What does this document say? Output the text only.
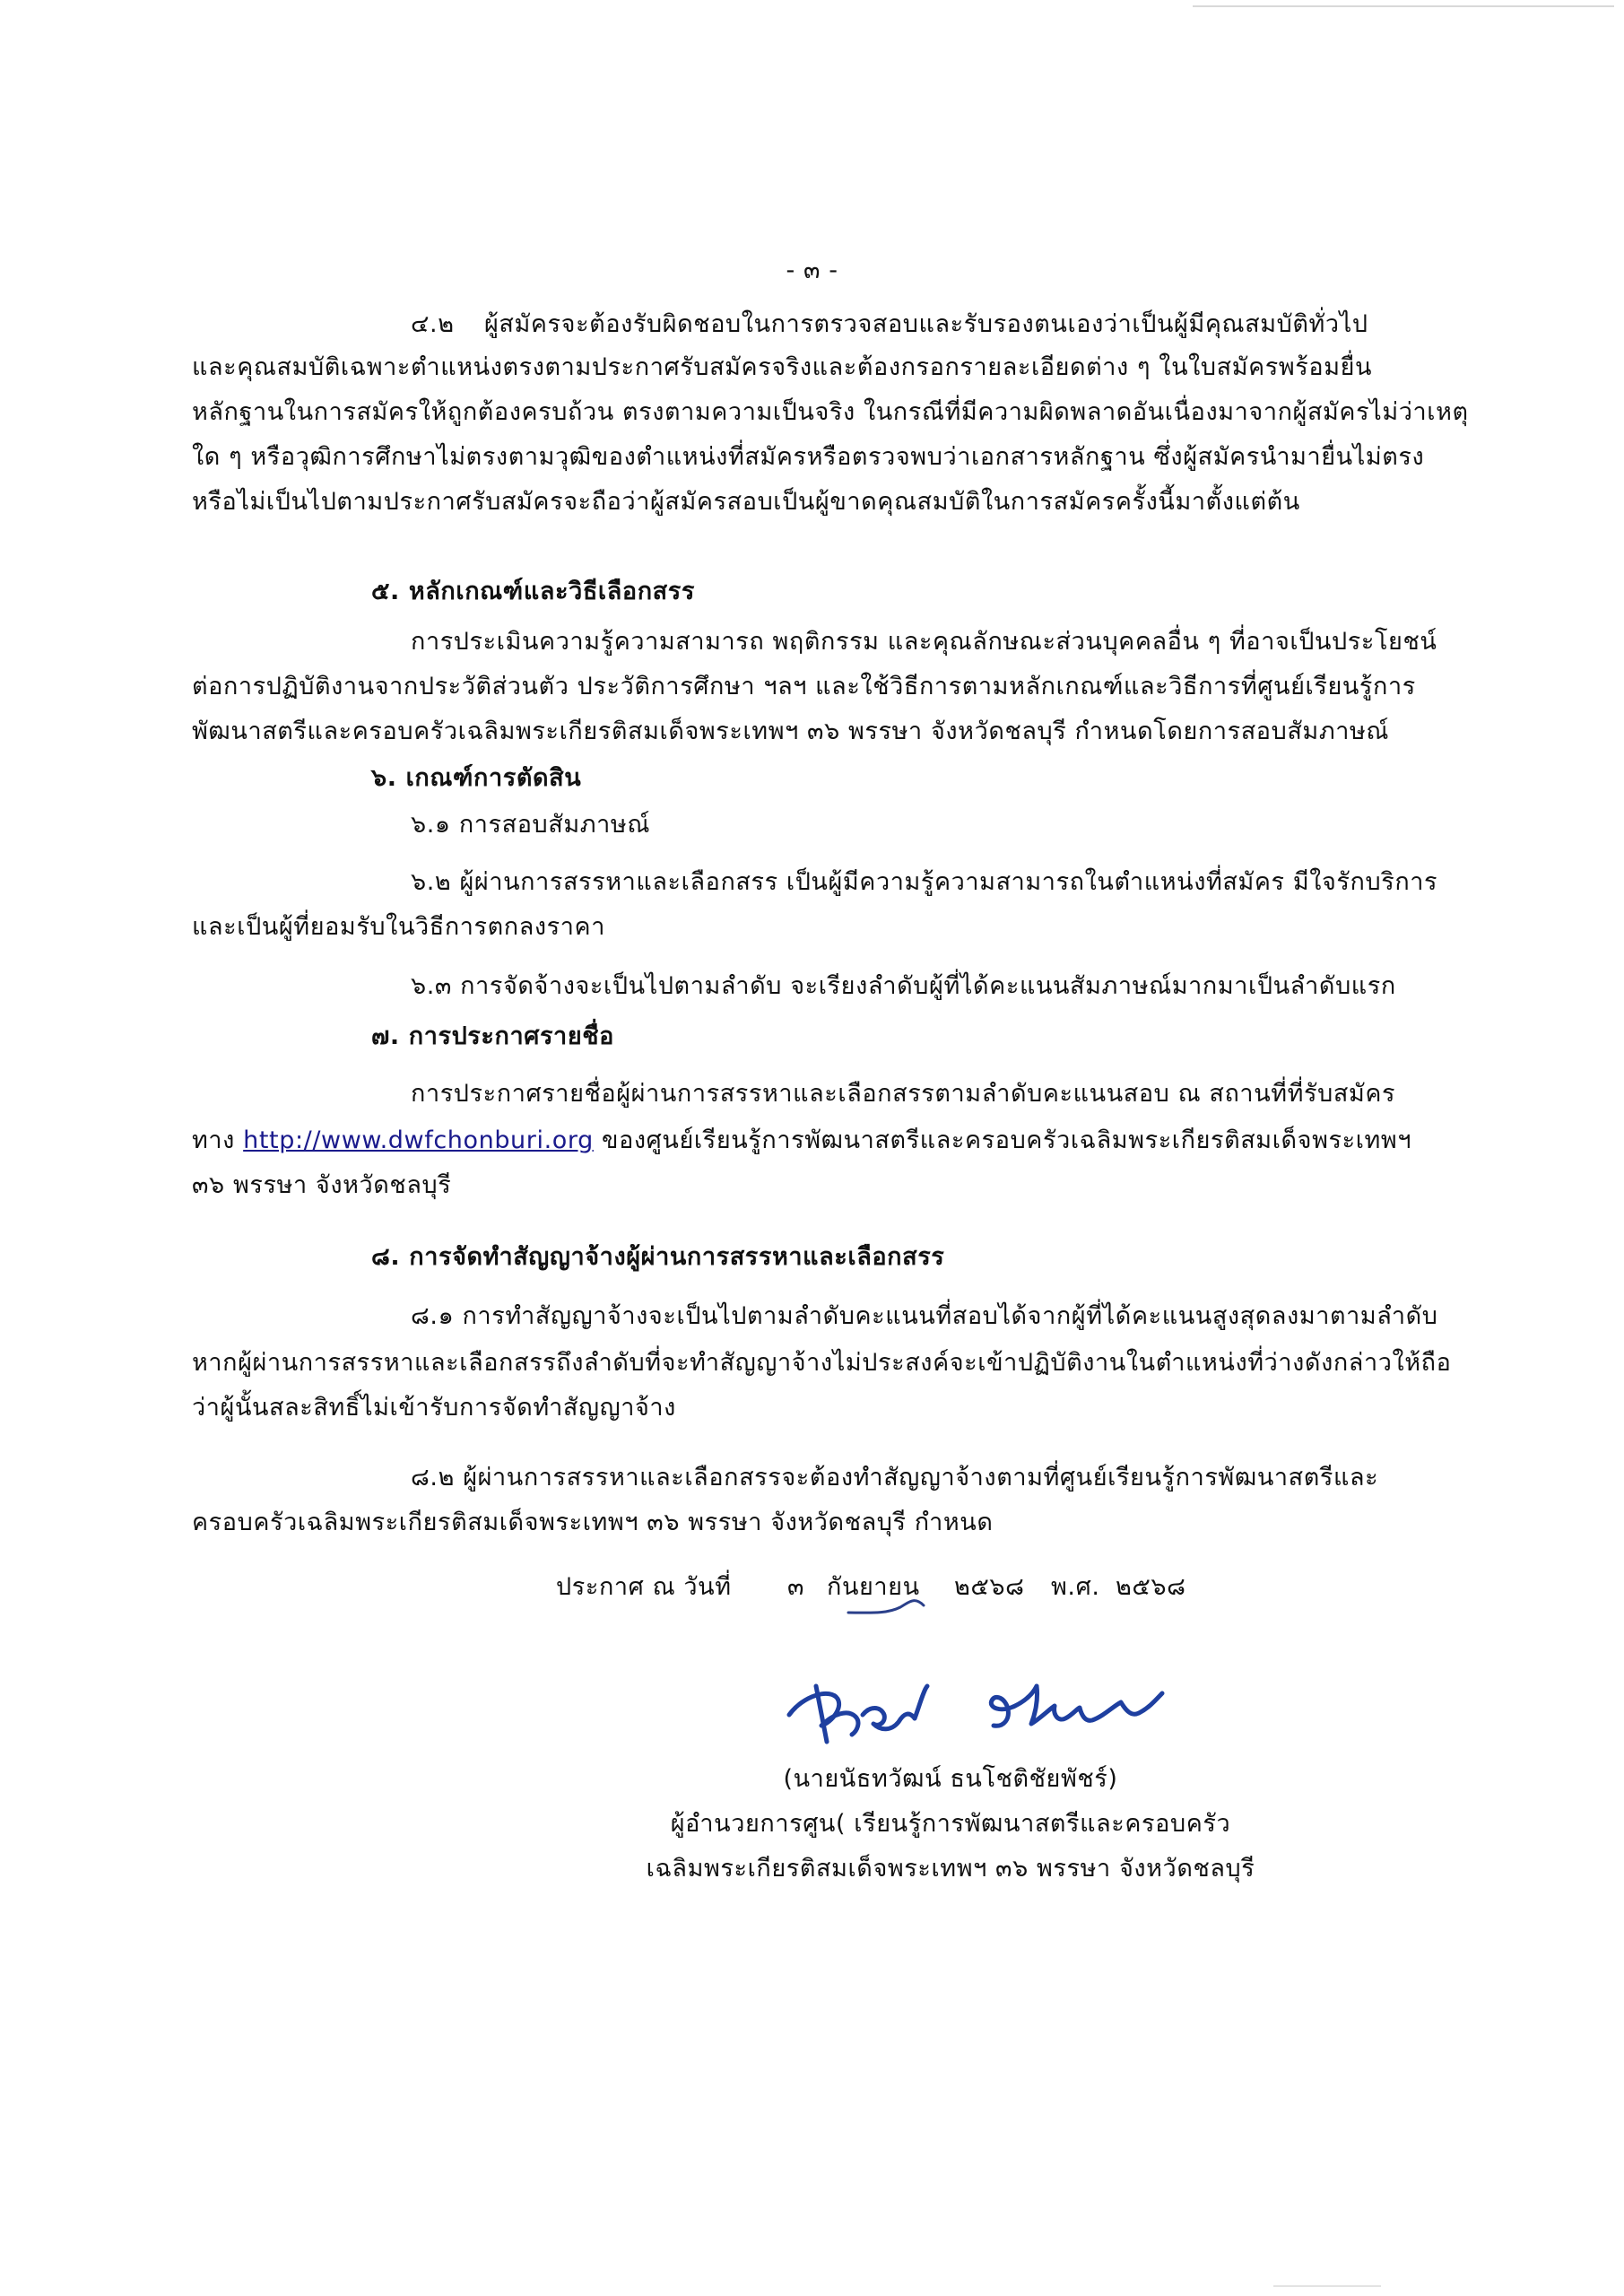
- ๓ -

๔.๒ ผู้สมัครจะต้องรับผิดชอบในการตรวจสอบและรับรองตนเองว่าเป็นผู้มีคุณสมบัติทั่วไป

และคุณสมบัติเฉพาะตำแหน่งตรงตามประกาศรับสมัครจริงและต้องกรอกรายละเอียดต่าง ๆ ในใบสมัครพร้อมยื่น

หลักฐานในการสมัครให้ถูกต้องครบถ้วน ตรงตามความเป็นจริง ในกรณีที่มีความผิดพลาดอันเนื่องมาจากผู้สมัครไม่ว่าเหตุ

ใด ๆ หรือวุฒิการศึกษาไม่ตรงตามวุฒิของตำแหน่งที่สมัครหรือตรวจพบว่าเอกสารหลักฐาน ซึ่งผู้สมัครนำมายื่นไม่ตรง

หรือไม่เป็นไปตามประกาศรับสมัครจะถือว่าผู้สมัครสอบเป็นผู้ขาดคุณสมบัติในการสมัครครั้งนี้มาตั้งแต่ต้น

๕. หลักเกณฑ์และวิธีเลือกสรร

การประเมินความรู้ความสามารถ พฤติกรรม และคุณลักษณะส่วนบุคคลอื่น ๆ ที่อาจเป็นประโยชน์

ต่อการปฏิบัติงานจากประวัติส่วนตัว ประวัติการศึกษา ฯลฯ และใช้วิธีการตามหลักเกณฑ์และวิธีการที่ศูนย์เรียนรู้การ

พัฒนาสตรีและครอบครัวเฉลิมพระเกียรติสมเด็จพระเทพฯ ๓๖ พรรษา จังหวัดชลบุรี กำหนดโดยการสอบสัมภาษณ์

๖. เกณฑ์การตัดสิน

๖.๑ การสอบสัมภาษณ์

๖.๒ ผู้ผ่านการสรรหาและเลือกสรร เป็นผู้มีความรู้ความสามารถในตำแหน่งที่สมัคร มีใจรักบริการ

และเป็นผู้ที่ยอมรับในวิธีการตกลงราคา

๖.๓ การจัดจ้างจะเป็นไปตามลำดับ จะเรียงลำดับผู้ที่ได้คะแนนสัมภาษณ์มากมาเป็นลำดับแรก

๗. การประกาศรายชื่อ

การประกาศรายชื่อผู้ผ่านการสรรหาและเลือกสรรตามลำดับคะแนนสอบ ณ สถานที่ที่รับสมัคร

ทาง http://www.dwfchonburi.org ของศูนย์เรียนรู้การพัฒนาสตรีและครอบครัวเฉลิมพระเกียรติสมเด็จพระเทพฯ

๓๖ พรรษา จังหวัดชลบุรี

๘. การจัดทำสัญญาจ้างผู้ผ่านการสรรหาและเลือกสรร

๘.๑ การทำสัญญาจ้างจะเป็นไปตามลำดับคะแนนที่สอบได้จากผู้ที่ได้คะแนนสูงสุดลงมาตามลำดับ

หากผู้ผ่านการสรรหาและเลือกสรรถึงลำดับที่จะทำสัญญาจ้างไม่ประสงค์จะเข้าปฏิบัติงานในตำแหน่งที่ว่างดังกล่าวให้ถือ

ว่าผู้นั้นสละสิทธิ์ไม่เข้ารับการจัดทำสัญญาจ้าง

๘.๒ ผู้ผ่านการสรรหาและเลือกสรรจะต้องทำสัญญาจ้างตามที่ศูนย์เรียนรู้การพัฒนาสตรีและ

ครอบครัวเฉลิมพระเกียรติสมเด็จพระเทพฯ ๓๖ พรรษา จังหวัดชลบุรี กำหนด

ประกาศ ณ วันที่ ๓ กันยายน ๒๕๖๘ พ.ศ. ๒๕๖๘

(นายนัธทวัฒน์ ธนโชติชัยพัชร์)

ผู้อำนวยการศูน( เรียนรู้การพัฒนาสตรีและครอบครัว

เฉลิมพระเกียรติสมเด็จพระเทพฯ ๓๖ พรรษา จังหวัดชลบุรี
